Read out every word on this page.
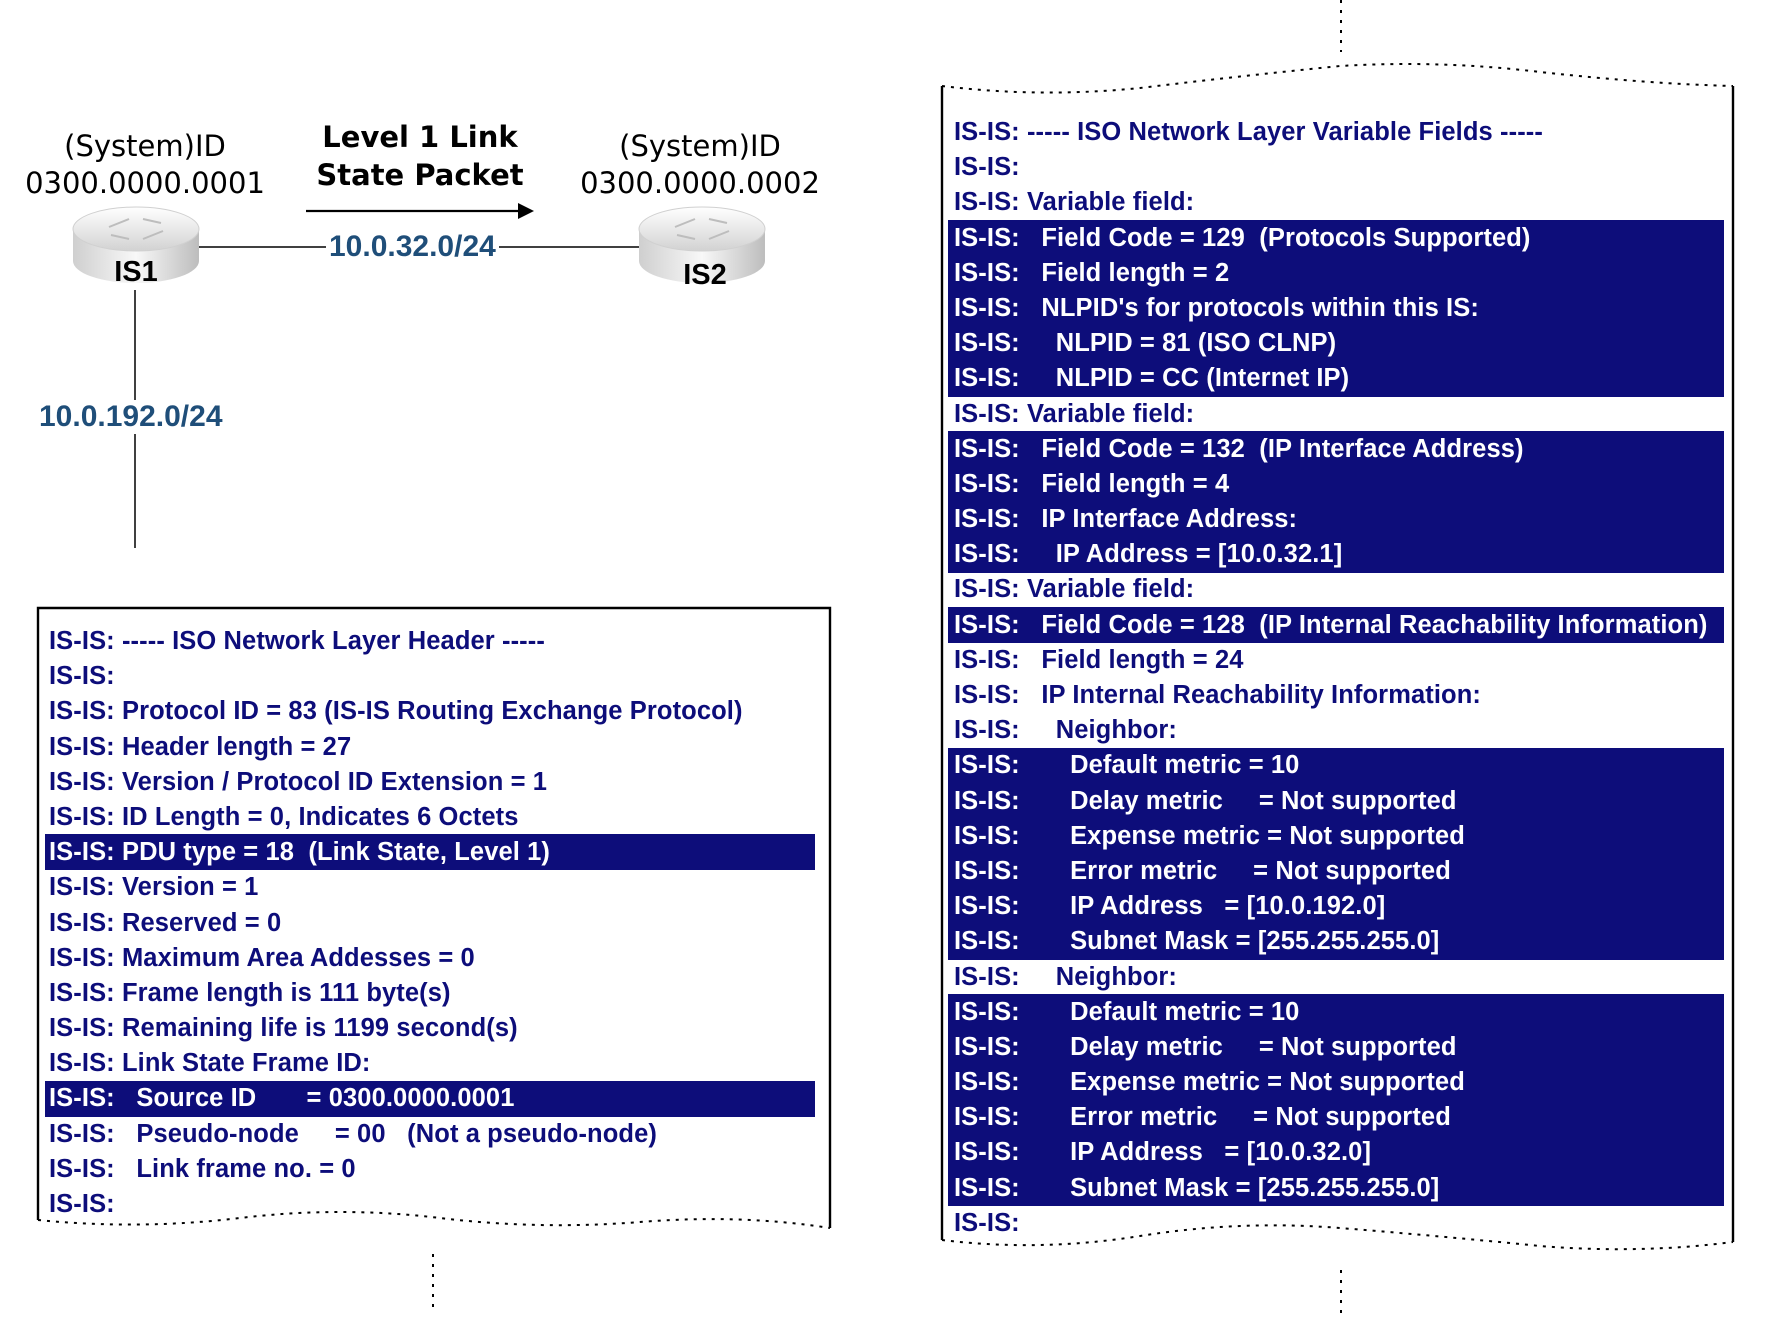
(System)ID
0300.0000.0001
(System)ID
0300.0000.0002
Level 1 Link
State Packet
IS1	IS2
10.0.32.0/24
10.0.192.0/24
IS-IS: ----- ISO Network Layer Header -----
IS-IS:
IS-IS: Protocol ID = 83 (IS-IS Routing Exchange Protocol)
IS-IS: Header length = 27
IS-IS: Version / Protocol ID Extension = 1
IS-IS: ID Length = 0, Indicates 6 Octets
IS-IS: PDU type = 18  (Link State, Level 1)
IS-IS: Version = 1
IS-IS: Reserved = 0
IS-IS: Maximum Area Addesses = 0
IS-IS: Frame length is 111 byte(s)
IS-IS: Remaining life is 1199 second(s)
IS-IS: Link State Frame ID:
IS-IS:   Source ID       = 0300.0000.0001
IS-IS:   Pseudo-node     = 00   (Not a pseudo-node)
IS-IS:   Link frame no. = 0
IS-IS:
IS-IS: ----- ISO Network Layer Variable Fields -----
IS-IS:
IS-IS: Variable field:
IS-IS:   Field Code = 129  (Protocols Supported)
IS-IS:   Field length = 2
IS-IS:   NLPID's for protocols within this IS:
IS-IS:     NLPID = 81 (ISO CLNP)
IS-IS:     NLPID = CC (Internet IP)
IS-IS: Variable field:
IS-IS:   Field Code = 132  (IP Interface Address)
IS-IS:   Field length = 4
IS-IS:   IP Interface Address:
IS-IS:     IP Address = [10.0.32.1]
IS-IS: Variable field:
IS-IS:   Field Code = 128  (IP Internal Reachability Information)
IS-IS:   Field length = 24
IS-IS:   IP Internal Reachability Information:
IS-IS:     Neighbor:
IS-IS:       Default metric = 10
IS-IS:       Delay metric     = Not supported
IS-IS:       Expense metric = Not supported
IS-IS:       Error metric     = Not supported
IS-IS:       IP Address   = [10.0.192.0]
IS-IS:       Subnet Mask = [255.255.255.0]
IS-IS:     Neighbor:
IS-IS:       Default metric = 10
IS-IS:       Delay metric     = Not supported
IS-IS:       Expense metric = Not supported
IS-IS:       Error metric     = Not supported
IS-IS:       IP Address   = [10.0.32.0]
IS-IS:       Subnet Mask = [255.255.255.0]
IS-IS:
